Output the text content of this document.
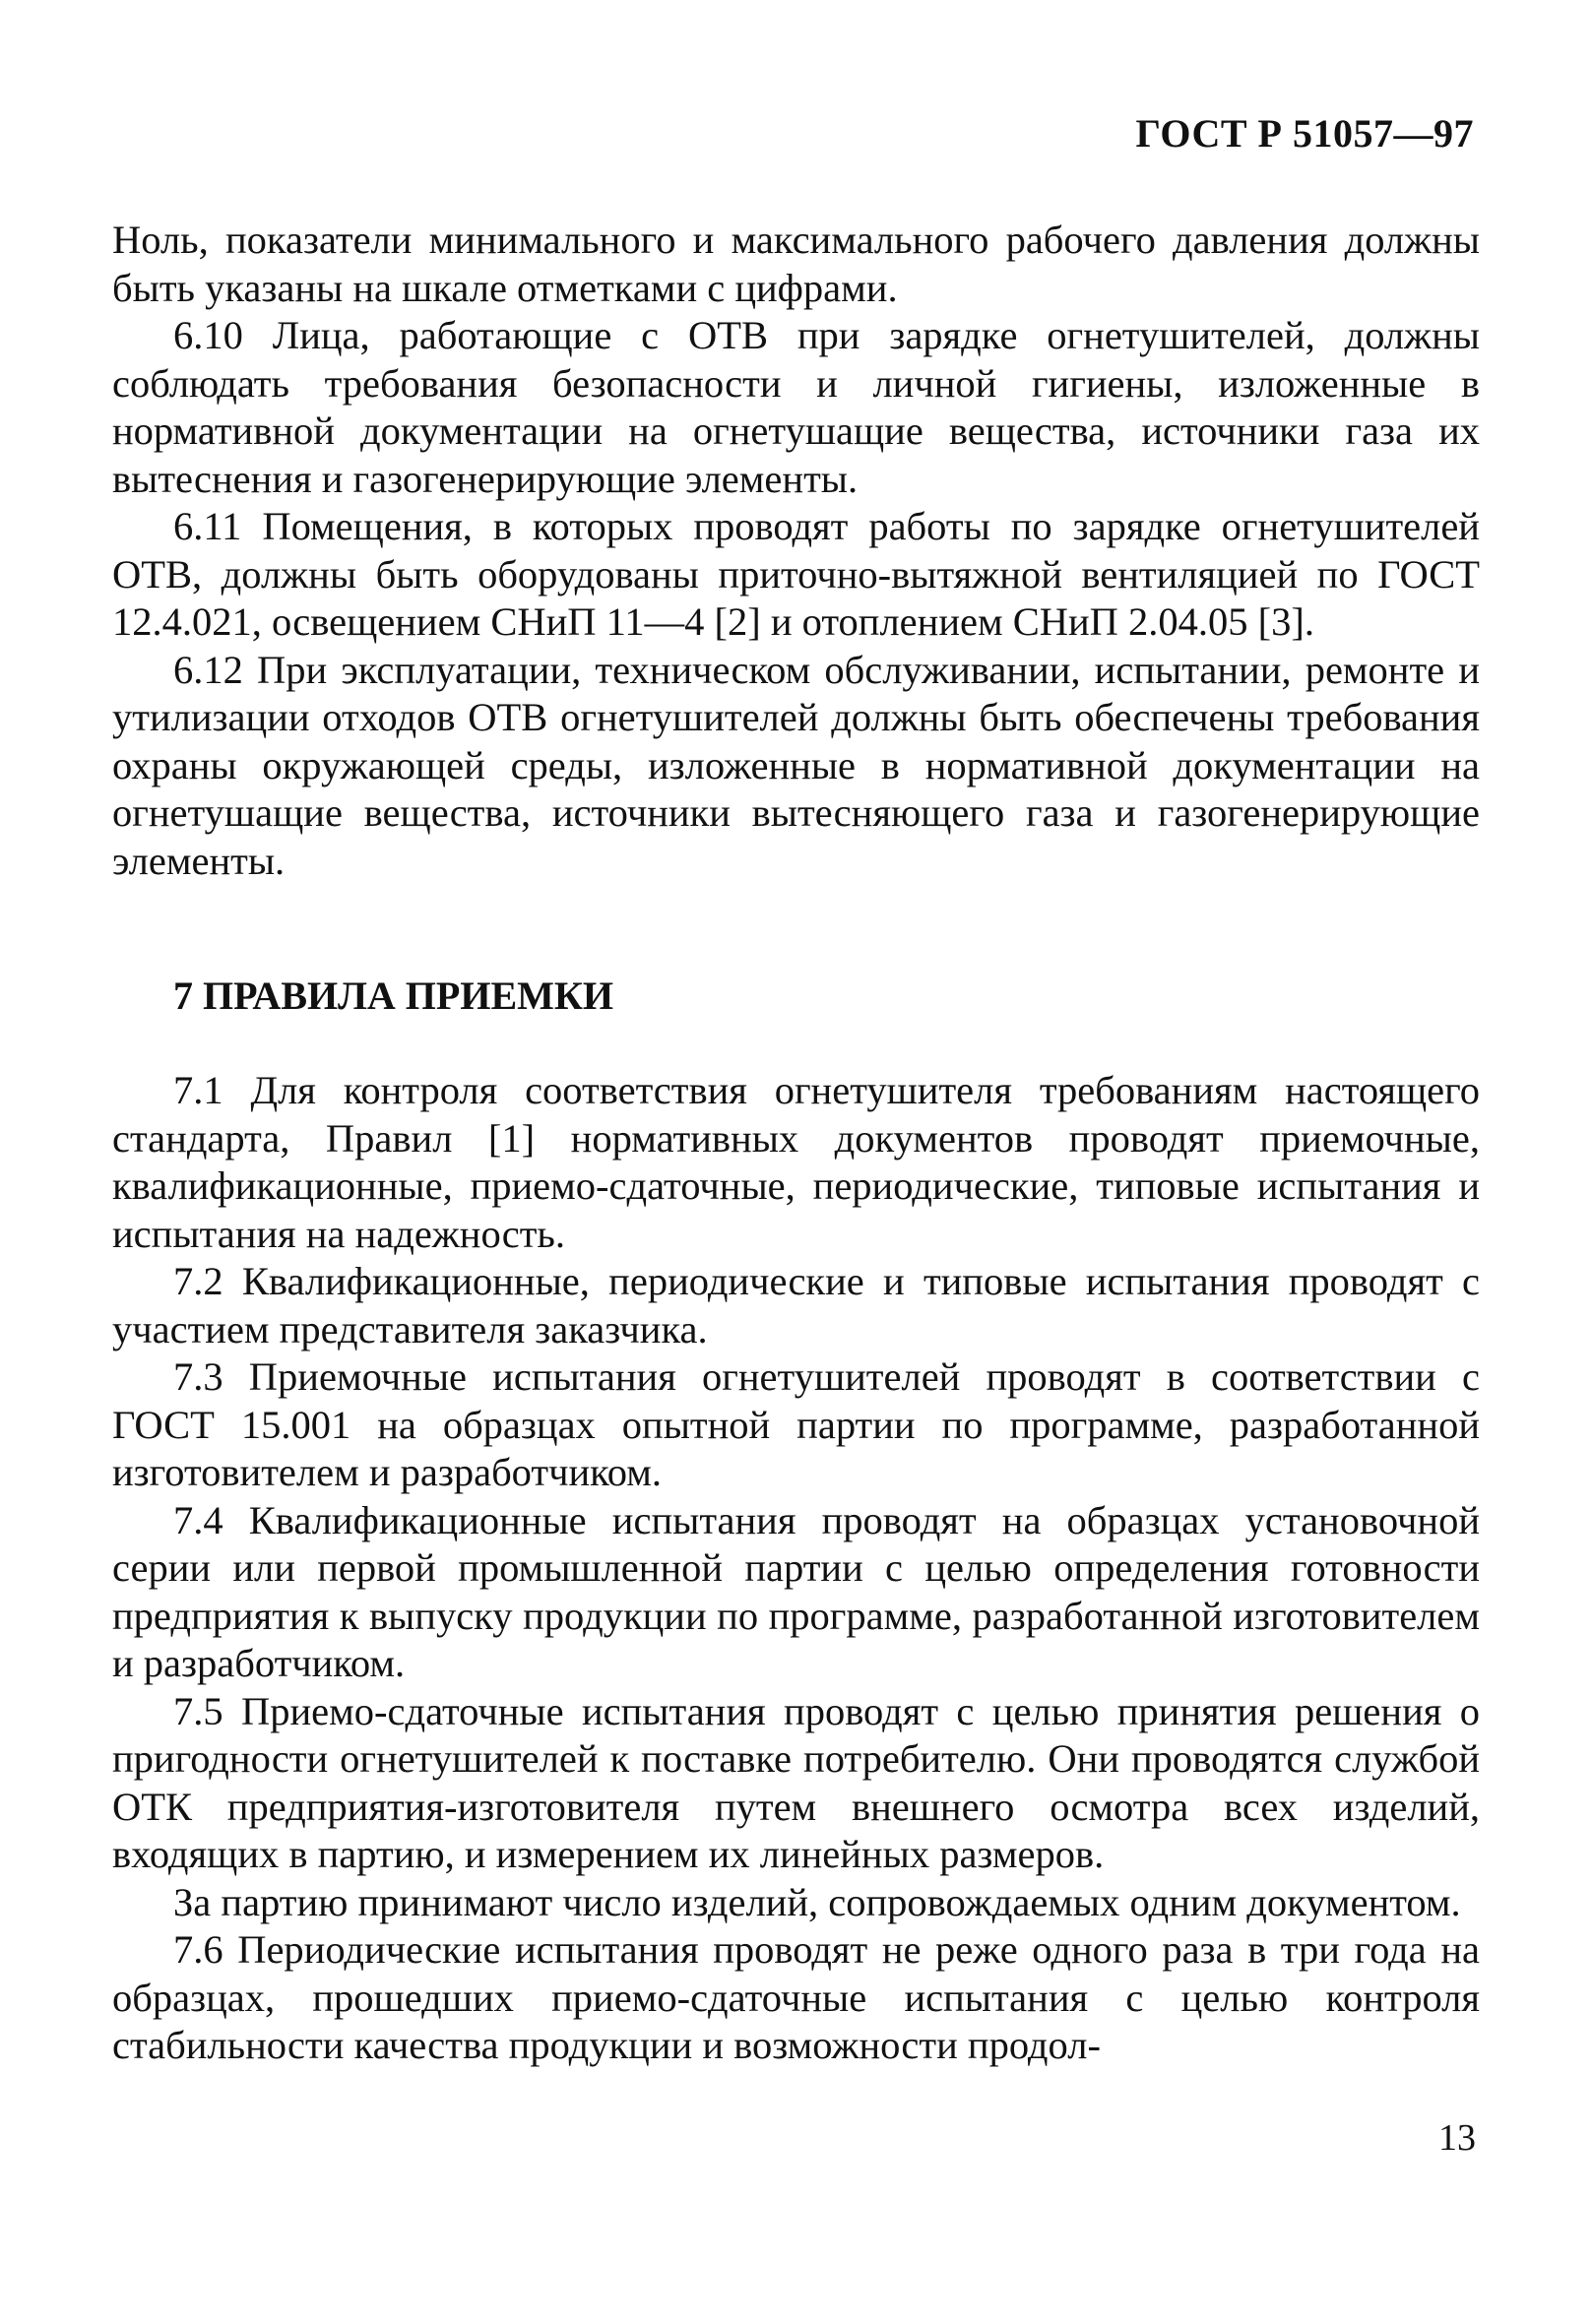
ГОСТ Р 51057—97

Ноль, показатели минимального и максимального рабочего давления должны быть указаны на шкале отметками с цифрами.

6.10 Лица, работающие с ОТВ при зарядке огнетушителей, должны соблюдать требования безопасности и личной гигиены, изложенные в нормативной документации на огнетушащие вещества, источники газа их вытеснения и газогенерирующие элементы.

6.11 Помещения, в которых проводят работы по зарядке огнетушителей ОТВ, должны быть оборудованы приточно-вытяжной вентиляцией по ГОСТ 12.4.021, освещением СНиП 11—4 [2] и отоплением СНиП 2.04.05 [3].

6.12 При эксплуатации, техническом обслуживании, испытании, ремонте и утилизации отходов ОТВ огнетушителей должны быть обеспечены требования охраны окружающей среды, изложенные в нормативной документации на огнетушащие вещества, источники вытесняющего газа и газогенерирующие элементы.

7 ПРАВИЛА ПРИЕМКИ

7.1 Для контроля соответствия огнетушителя требованиям настоящего стандарта, Правил [1] нормативных документов проводят приемочные, квалификационные, приемо-сдаточные, периодические, типовые испытания и испытания на надежность.

7.2 Квалификационные, периодические и типовые испытания проводят с участием представителя заказчика.

7.3 Приемочные испытания огнетушителей проводят в соответствии с ГОСТ 15.001 на образцах опытной партии по программе, разработанной изготовителем и разработчиком.

7.4 Квалификационные испытания проводят на образцах установочной серии или первой промышленной партии с целью определения готовности предприятия к выпуску продукции по программе, разработанной изготовителем и разработчиком.

7.5 Приемо-сдаточные испытания проводят с целью принятия решения о пригодности огнетушителей к поставке потребителю. Они проводятся службой ОТК предприятия-изготовителя путем внешнего осмотра всех изделий, входящих в партию, и измерением их линейных размеров.

За партию принимают число изделий, сопровождаемых одним документом.

7.6 Периодические испытания проводят не реже одного раза в три года на образцах, прошедших приемо-сдаточные испытания с целью контроля стабильности качества продукции и возможности продол-

13
